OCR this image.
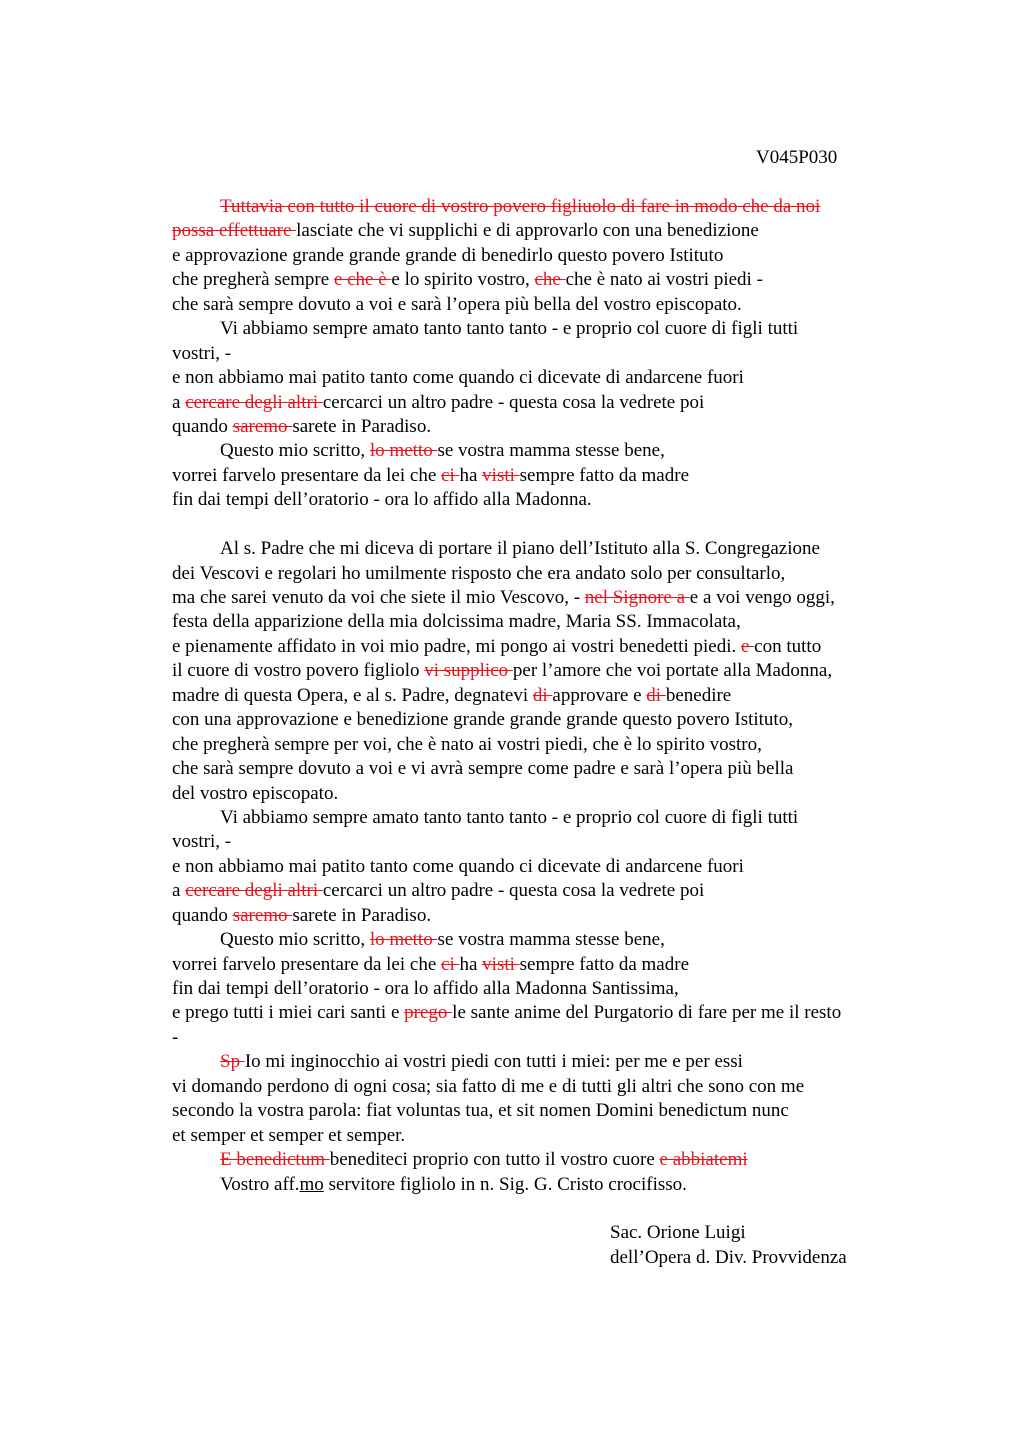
V045P030
Tuttavia con tutto il cuore di vostro povero figliuolo di fare in modo che da noi
possa effettuare lasciate che vi supplichi e di approvarlo con una benedizione
e approvazione grande grande grande di benedirlo questo povero Istituto
che pregherà sempre e che è e lo spirito vostro, che che è nato ai vostri piedi -
che sarà sempre dovuto a voi e sarà l’opera più bella del vostro episcopato.
Vi abbiamo sempre amato tanto tanto tanto - e proprio col cuore di figli tutti
vostri, -
e non abbiamo mai patito tanto come quando ci dicevate di andarcene fuori
a cercare degli altri cercarci un altro padre - questa cosa la vedrete poi
quando saremo sarete in Paradiso.
Questo mio scritto, lo metto se vostra mamma stesse bene,
vorrei farvelo presentare da lei che ci ha visti sempre fatto da madre
fin dai tempi dell’oratorio - ora lo affido alla Madonna.
Al s. Padre che mi diceva di portare il piano dell’Istituto alla S. Congregazione
dei Vescovi e regolari ho umilmente risposto che era andato solo per consultarlo,
ma che sarei venuto da voi che siete il mio Vescovo, - nel Signore a e a voi vengo oggi,
festa della apparizione della mia dolcissima madre, Maria SS. Immacolata,
e pienamente affidato in voi mio padre, mi pongo ai vostri benedetti piedi. e con tutto
il cuore di vostro povero figliolo vi supplico per l’amore che voi portate alla Madonna,
madre di questa Opera, e al s. Padre, degnatevi di approvare e di benedire
con una approvazione e benedizione grande grande grande questo povero Istituto,
che pregherà sempre per voi, che è nato ai vostri piedi, che è lo spirito vostro,
che sarà sempre dovuto a voi e vi avrà sempre come padre e sarà l’opera più bella
del vostro episcopato.
Vi abbiamo sempre amato tanto tanto tanto - e proprio col cuore di figli tutti
vostri, -
e non abbiamo mai patito tanto come quando ci dicevate di andarcene fuori
a cercare degli altri cercarci un altro padre - questa cosa la vedrete poi
quando saremo sarete in Paradiso.
Questo mio scritto, lo metto se vostra mamma stesse bene,
vorrei farvelo presentare da lei che ci ha visti sempre fatto da madre
fin dai tempi dell’oratorio - ora lo affido alla Madonna Santissima,
e prego tutti i miei cari santi e prego le sante anime del Purgatorio di fare per me il resto
-
Sp Io mi inginocchio ai vostri piedi con tutti i miei: per me e per essi
vi domando perdono di ogni cosa; sia fatto di me e di tutti gli altri che sono con me
secondo la vostra parola: fiat voluntas tua, et sit nomen Domini benedictum nunc
et semper et semper et semper.
E benedictum benediteci proprio con tutto il vostro cuore e abbiatemi
Vostro aff.mo servitore figliolo in n. Sig. G. Cristo crocifisso.
Sac. Orione Luigi
dell’Opera d. Div. Provvidenza
